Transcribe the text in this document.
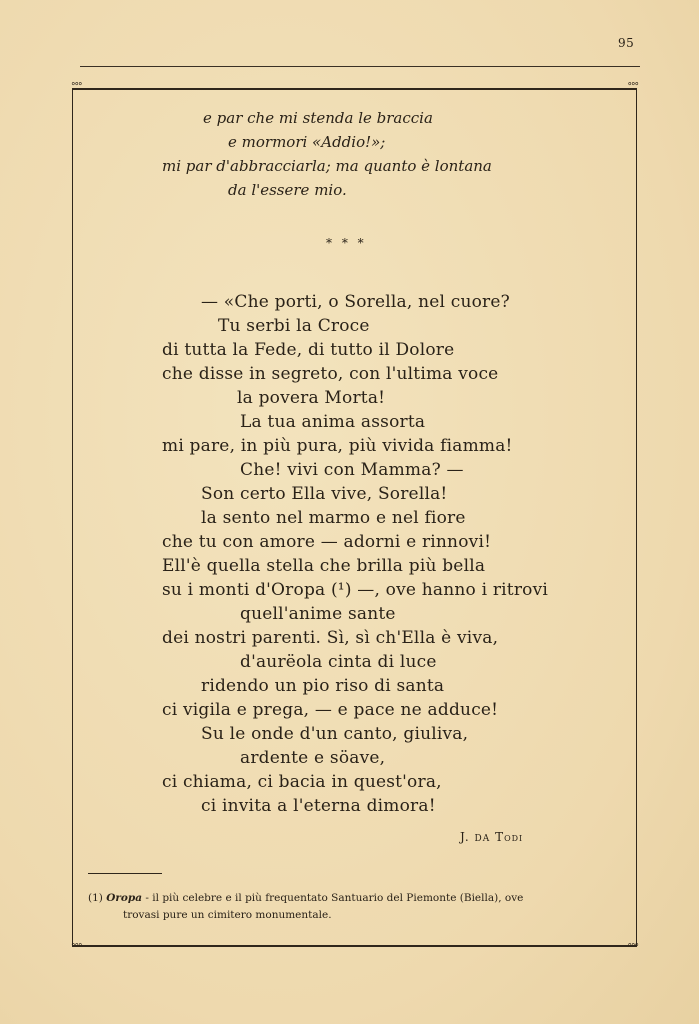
95
°°°	°°°
°°°	°°°
e par che mi stenda le braccia
e mormori «Addio!»;
mi par d'abbracciarla; ma quanto è lontana
da l'essere mio.
* * *
— «Che porti, o Sorella, nel cuore?
Tu serbi la Croce
di tutta la Fede, di tutto il Dolore
che disse in segreto, con l'ultima voce
la povera Morta!
La tua anima assorta
mi pare, in più pura, più vivida fiamma!
Che! vivi con Mamma? —
Son certo Ella vive, Sorella!
la sento nel marmo e nel fiore
che tu con amore — adorni e rinnovi!
Ell'è quella stella che brilla più bella
su i monti d'Oropa (¹) —, ove hanno i ritrovi
quell'anime sante
dei nostri parenti. Sì, sì ch'Ella è viva,
d'aurëola cinta di luce
ridendo un pio riso di santa
ci vigila e prega, — e pace ne adduce!
Su le onde d'un canto, giuliva,
ardente e söave,
ci chiama, ci bacia in quest'ora,
ci invita a l'eterna dimora!
J. DA Todi
(1) Oropa - il più celebre e il più frequentato Santuario del Piemonte (Biella), ove
trovasi pure un cimitero monumentale.
